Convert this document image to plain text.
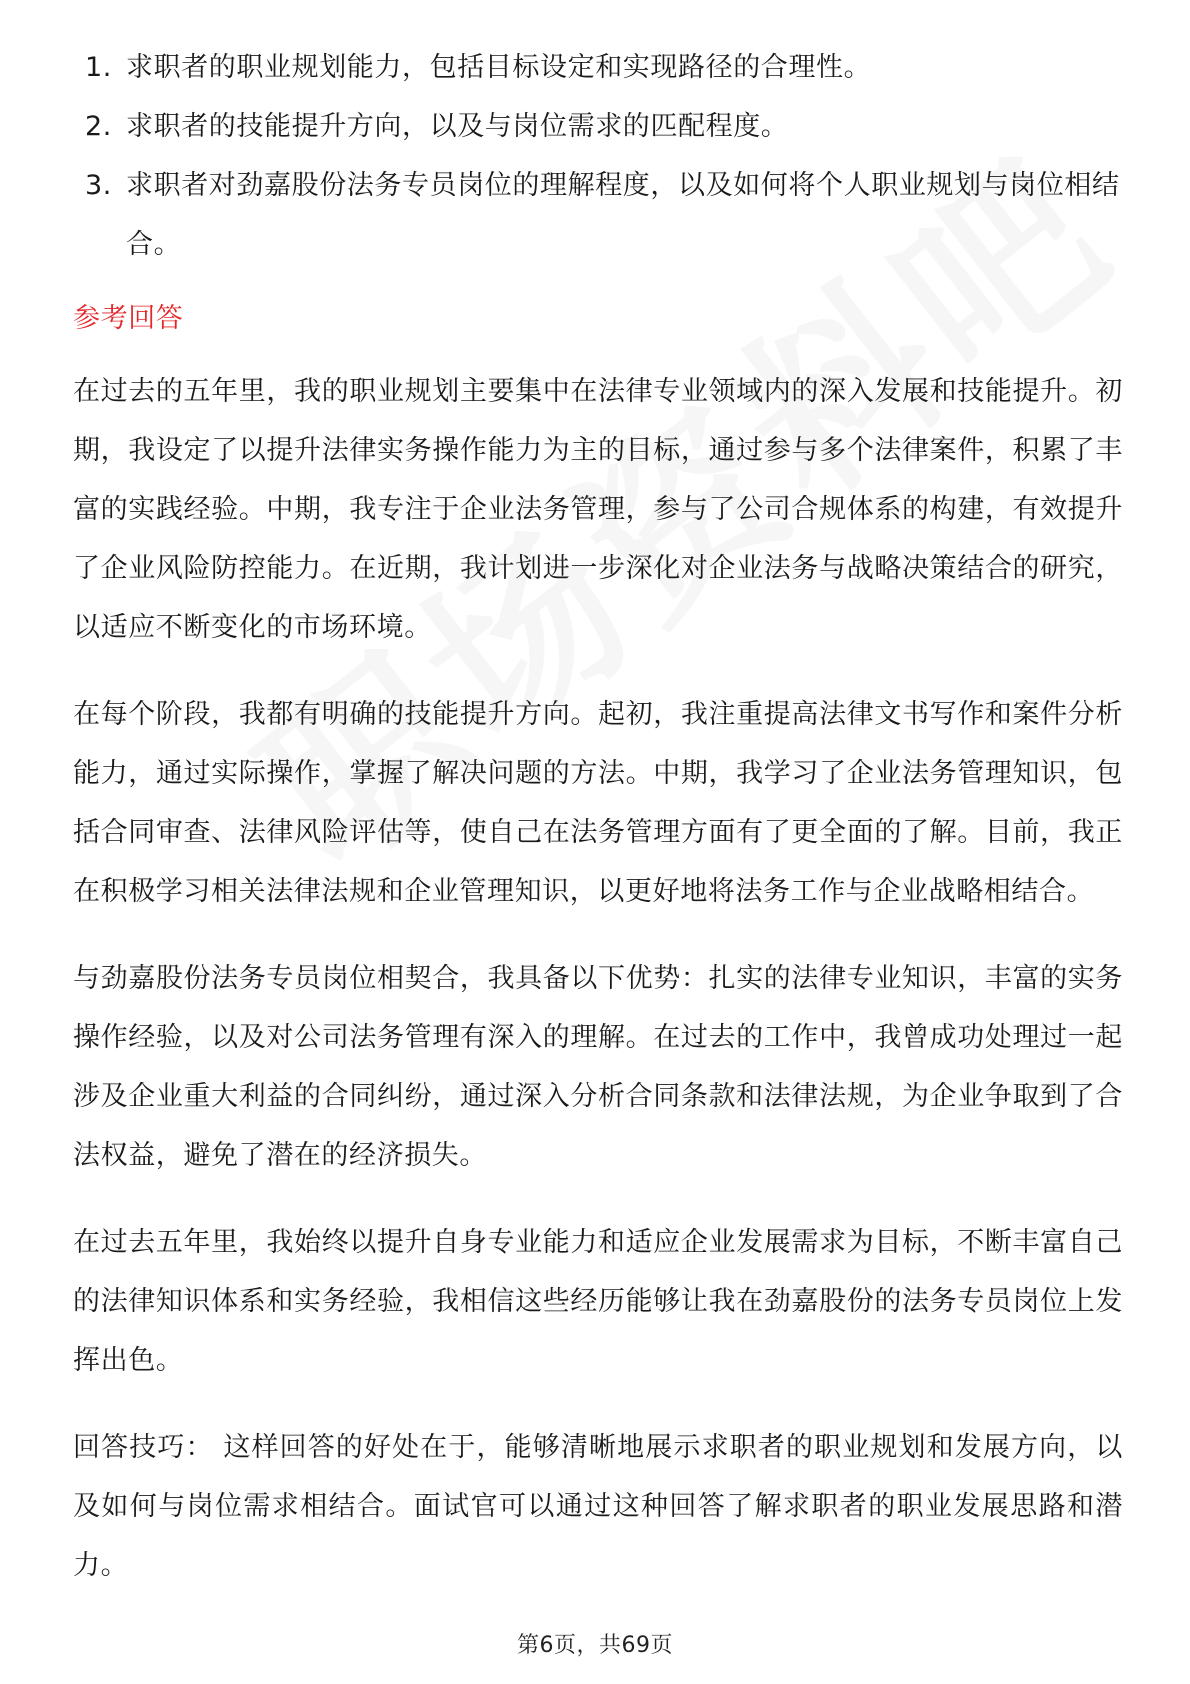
1. 求职者的职业规划能力，包括目标设定和实现路径的合理性。
2. 求职者的技能提升方向，以及与岗位需求的匹配程度。
3. 求职者对劲嘉股份法务专员岗位的理解程度，以及如何将个人职业规划与岗位相结合。
参考回答

在过去的五年里，我的职业规划主要集中在法律专业领域内的深入发展和技能提升。初期，我设定了以提升法律实务操作能力为主的目标，通过参与多个法律案件，积累了丰富的实践经验。中期，我专注于企业法务管理，参与了公司合规体系的构建，有效提升了企业风险防控能力。在近期，我计划进一步深化对企业法务与战略决策结合的研究，以适应不断变化的市场环境。

在每个阶段，我都有明确的技能提升方向。起初，我注重提高法律文书写作和案件分析能力，通过实际操作，掌握了解决问题的方法。中期，我学习了企业法务管理知识，包括合同审查、法律风险评估等，使自己在法务管理方面有了更全面的了解。目前，我正在积极学习相关法律法规和企业管理知识，以更好地将法务工作与企业战略相结合。

与劲嘉股份法务专员岗位相契合，我具备以下优势：扎实的法律专业知识，丰富的实务操作经验，以及对公司法务管理有深入的理解。在过去的工作中，我曾成功处理过一起涉及企业重大利益的合同纠纷，通过深入分析合同条款和法律法规，为企业争取到了合法权益，避免了潜在的经济损失。

在过去五年里，我始终以提升自身专业能力和适应企业发展需求为目标，不断丰富自己的法律知识体系和实务经验，我相信这些经历能够让我在劲嘉股份的法务专员岗位上发挥出色。

回答技巧： 这样回答的好处在于，能够清晰地展示求职者的职业规划和发展方向，以及如何与岗位需求相结合。面试官可以通过这种回答了解求职者的职业发展思路和潜力。

第6页，共69页
